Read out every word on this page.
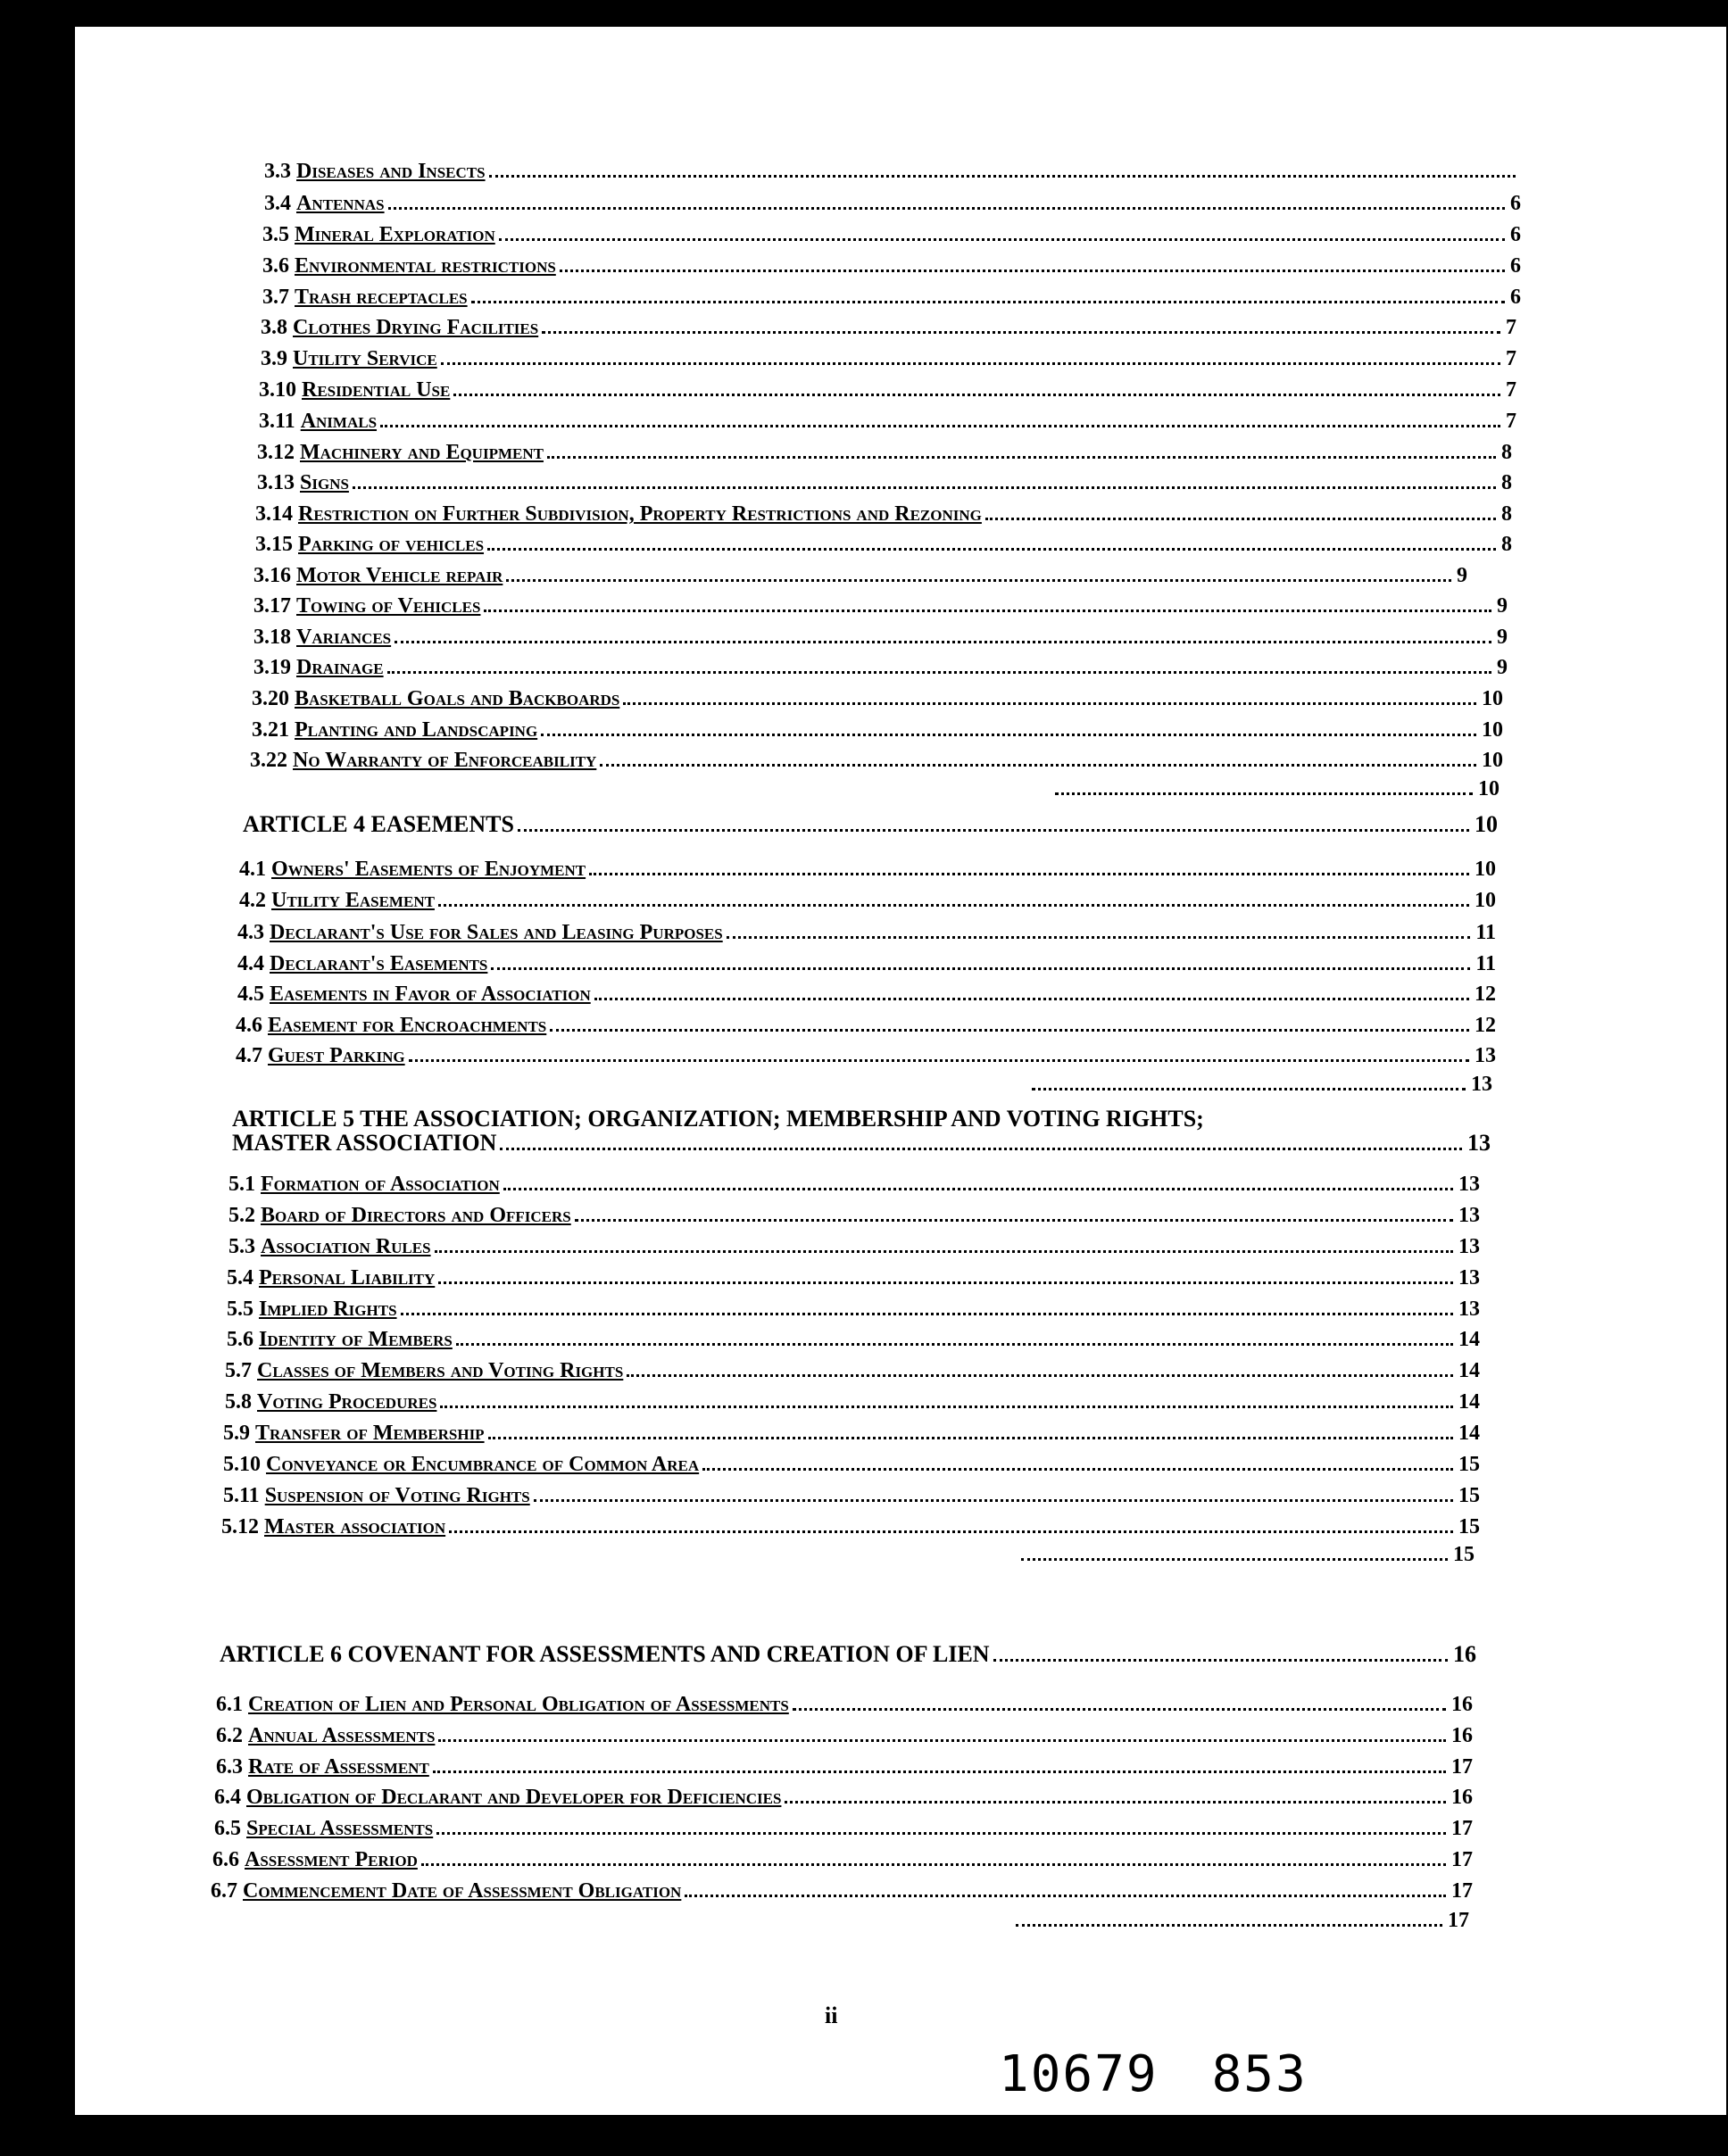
3.3 Diseases and Insects
3.4 Antennas	6
3.5 Mineral Exploration	6
3.6 Environmental restrictions	6
3.7 Trash receptacles	6
3.8 Clothes Drying Facilities	7
3.9 Utility Service	7
3.10 Residential Use	7
3.11 Animals	7
3.12 Machinery and Equipment	8
3.13 Signs	8
3.14 Restriction on Further Subdivision, Property Restrictions and Rezoning	8
3.15 Parking of vehicles	8
3.16 Motor Vehicle repair	9
3.17 Towing of Vehicles	9
3.18 Variances	9
3.19 Drainage	9
3.20 Basketball Goals and Backboards	10
3.21 Planting and Landscaping	10
3.22 No Warranty of Enforceability	10
10
ARTICLE 4 EASEMENTS	10
4.1 Owners' Easements of Enjoyment	10
4.2 Utility Easement	10
4.3 Declarant's Use for Sales and Leasing Purposes	11
4.4 Declarant's Easements	11
4.5 Easements in Favor of Association	12
4.6 Easement for Encroachments	12
4.7 Guest Parking	13
13
ARTICLE 5 THE ASSOCIATION; ORGANIZATION; MEMBERSHIP AND VOTING RIGHTS;
MASTER ASSOCIATION	13
5.1 Formation of Association	13
5.2 Board of Directors and Officers	13
5.3 Association Rules	13
5.4 Personal Liability	13
5.5 Implied Rights	13
5.6 Identity of Members	14
5.7 Classes of Members and Voting Rights	14
5.8 Voting Procedures	14
5.9 Transfer of Membership	14
5.10 Conveyance or Encumbrance of Common Area	15
5.11 Suspension of Voting Rights	15
5.12 Master association	15
15
ARTICLE 6 COVENANT FOR ASSESSMENTS AND CREATION OF LIEN	16
6.1 Creation of Lien and Personal Obligation of Assessments	16
6.2 Annual Assessments	16
6.3 Rate of Assessment	17
6.4 Obligation of Declarant and Developer for Deficiencies	16
6.5 Special Assessments	17
6.6 Assessment Period	17
6.7 Commencement Date of Assessment Obligation	17
17
ii
10679 853
